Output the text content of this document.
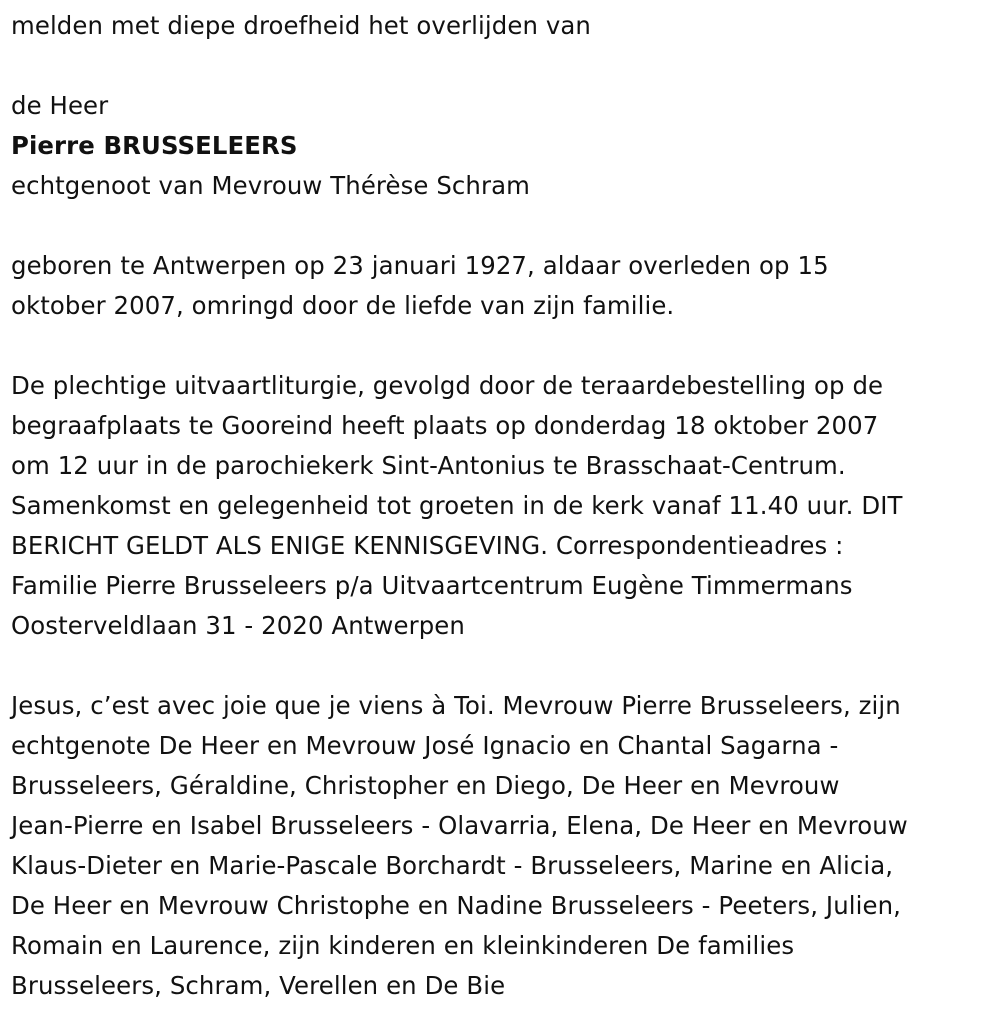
melden met diepe droefheid het overlijden van
de Heer
Pierre BRUSSELEERS
echtgenoot van Mevrouw Thérèse Schram
geboren te Antwerpen op 23 januari 1927, aldaar overleden op 15
oktober 2007, omringd door de liefde van zijn familie.
De plechtige uitvaartliturgie, gevolgd door de teraardebestelling op de
begraafplaats te Gooreind heeft plaats op donderdag 18 oktober 2007
om 12 uur in de parochiekerk Sint-Antonius te Brasschaat-Centrum.
Samenkomst en gelegenheid tot groeten in de kerk vanaf 11.40 uur. DIT
BERICHT GELDT ALS ENIGE KENNISGEVING. Correspondentieadres :
Familie Pierre Brusseleers p/a Uitvaartcentrum Eugène Timmermans
Oosterveldlaan 31 - 2020 Antwerpen
Jesus, c’est avec joie que je viens à Toi. Mevrouw Pierre Brusseleers, zijn
echtgenote De Heer en Mevrouw José Ignacio en Chantal Sagarna -
Brusseleers, Géraldine, Christopher en Diego, De Heer en Mevrouw
Jean-Pierre en Isabel Brusseleers - Olavarria, Elena, De Heer en Mevrouw
Klaus-Dieter en Marie-Pascale Borchardt - Brusseleers, Marine en Alicia,
De Heer en Mevrouw Christophe en Nadine Brusseleers - Peeters, Julien,
Romain en Laurence, zijn kinderen en kleinkinderen De families
Brusseleers, Schram, Verellen en De Bie
